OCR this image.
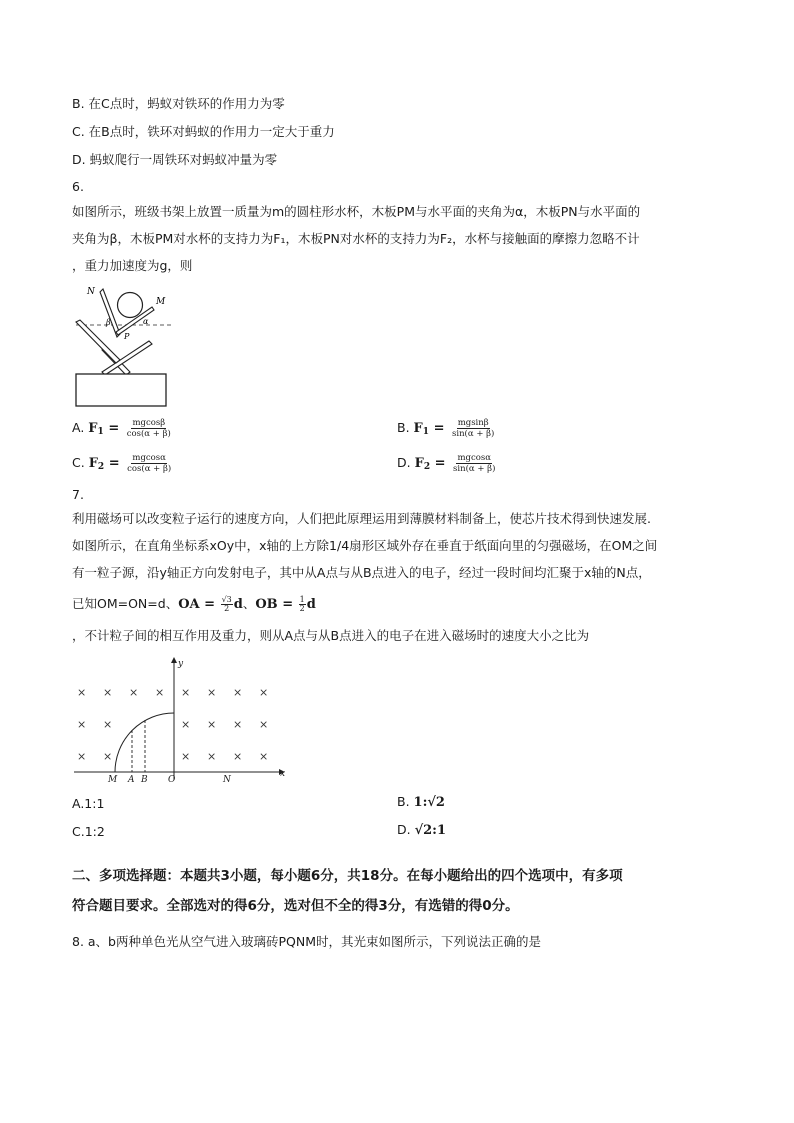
B. 在C点时，蚂蚁对铁环的作用力为零
C. 在B点时，铁环对蚂蚁的作用力一定大于重力
D. 蚂蚁爬行一周铁环对蚂蚁冲量为零
6.
如图所示，班级书架上放置一质量为m的圆柱形水杯，木板PM与水平面的夹角为α，木板PN与水平面的
夹角为β，木板PM对水杯的支持力为F₁，木板PN对水杯的支持力为F₂，水杯与接触面的摩擦力忽略不计
，重力加速度为g，则
N
M
β	α
P
A. $F_1 = \frac{mgcos\beta}{\cos(\alpha + \beta)}$	B. $F_1 = \frac{mgsin\beta}{\sin(\alpha + \beta)}$
C. $F_2 = \frac{mgcos\alpha}{\cos(\alpha + \beta)}$	D. $F_2 = \frac{mgcos\alpha}{\sin(\alpha + \beta)}$
7.
利用磁场可以改变粒子运行的速度方向，人们把此原理运用到薄膜材料制备上，使芯片技术得到快速发展.
如图所示，在直角坐标系xOy中，x轴的上方除1/4扇形区域外存在垂直于纸面向里的匀强磁场，在OM之间
有一粒子源，沿y轴正方向发射电子，其中从A点与从B点进入的电子，经过一段时间均汇聚于x轴的N点，
已知OM=ON=d、OA = $\frac{√3}{2}$ d、OB = $\frac{1}{2}$ d
，不计粒子间的相互作用及重力，则从A点与从B点进入的电子在进入磁场时的速度大小之比为
× × × × × × × ×
× ×	× × × ×
× ×	× × × ×
y
x
M A B O	N
A.1:1	B. 1:√2
C.1:2	D. √2:1
二、多项选择题：本题共3小题，每小题6分，共18分。在每小题给出的四个选项中，有多项
符合题目要求。全部选对的得6分，选对但不全的得3分，有选错的得0分。
8. a、b两种单色光从空气进入玻璃砖PQNM时，其光束如图所示，下列说法正确的是
